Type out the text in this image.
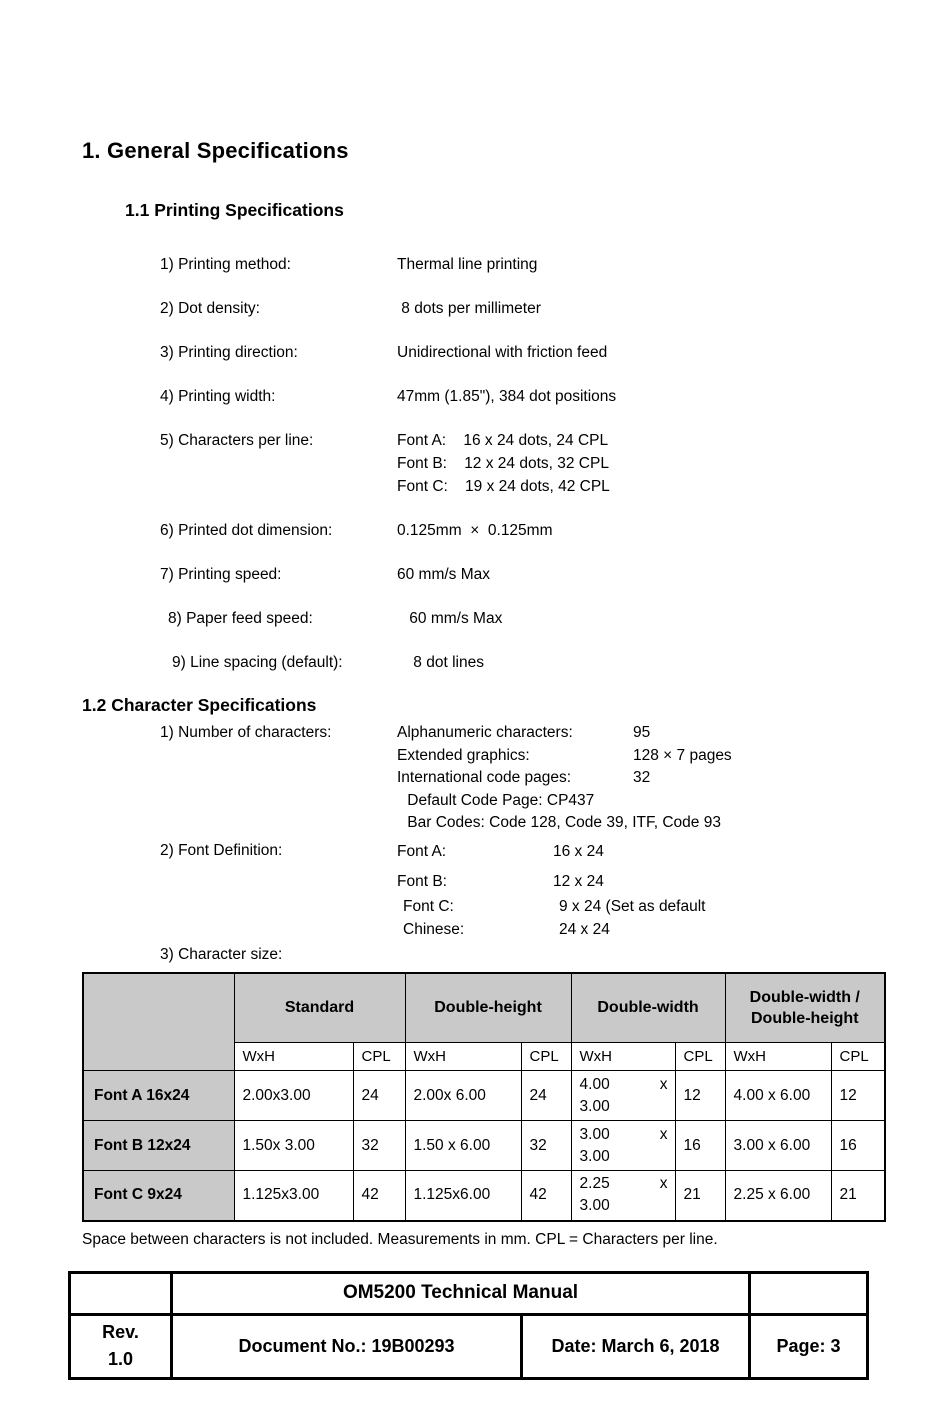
1. General Specifications
1.1 Printing Specifications
1) Printing method:	Thermal line printing
2) Dot density:	8 dots per millimeter
3) Printing direction:	Unidirectional with friction feed
4) Printing width:	47mm (1.85"), 384 dot positions
5) Characters per line:	Font A:    16 x 24 dots, 24 CPL
Font B:    12 x 24 dots, 32 CPL
Font C:    19 x 24 dots, 42 CPL
6) Printed dot dimension:	0.125mm  ×  0.125mm
7) Printing speed:	60 mm/s Max
8) Paper feed speed:	60 mm/s Max
9) Line spacing (default):	8 dot lines
1.2 Character Specifications
1) Number of characters:	Alphanumeric characters:	95
Extended graphics:	128 × 7 pages
International code pages:	32
Default Code Page: CP437
Bar Codes: Code 128, Code 39, ITF, Code 93
2) Font Definition:	Font A:	16 x 24
Font B:	12 x 24
Font C:	9 x 24 (Set as default
Chinese:	24 x 24
3) Character size:
	Standard		Double-height		Double-width		Double-width / Double-height	
	WxH	CPL	WxH	CPL	WxH	CPL	WxH	CPL
Font A 16x24	2.00x3.00	24	2.00x 6.00	24	4.00 x
3.00	12	4.00 x 6.00	12
Font B 12x24	1.50x 3.00	32	1.50 x 6.00	32	3.00 x
3.00	16	3.00 x 6.00	16
Font C 9x24	1.125x3.00	42	1.125x6.00	42	2.25 x
3.00	21	2.25 x 6.00	21
Space between characters is not included. Measurements in mm. CPL = Characters per line.
	OM5200 Technical Manual		

Rev.
1.0	Document No.: 19B00293	Date: March 6, 2018	Page: 3
